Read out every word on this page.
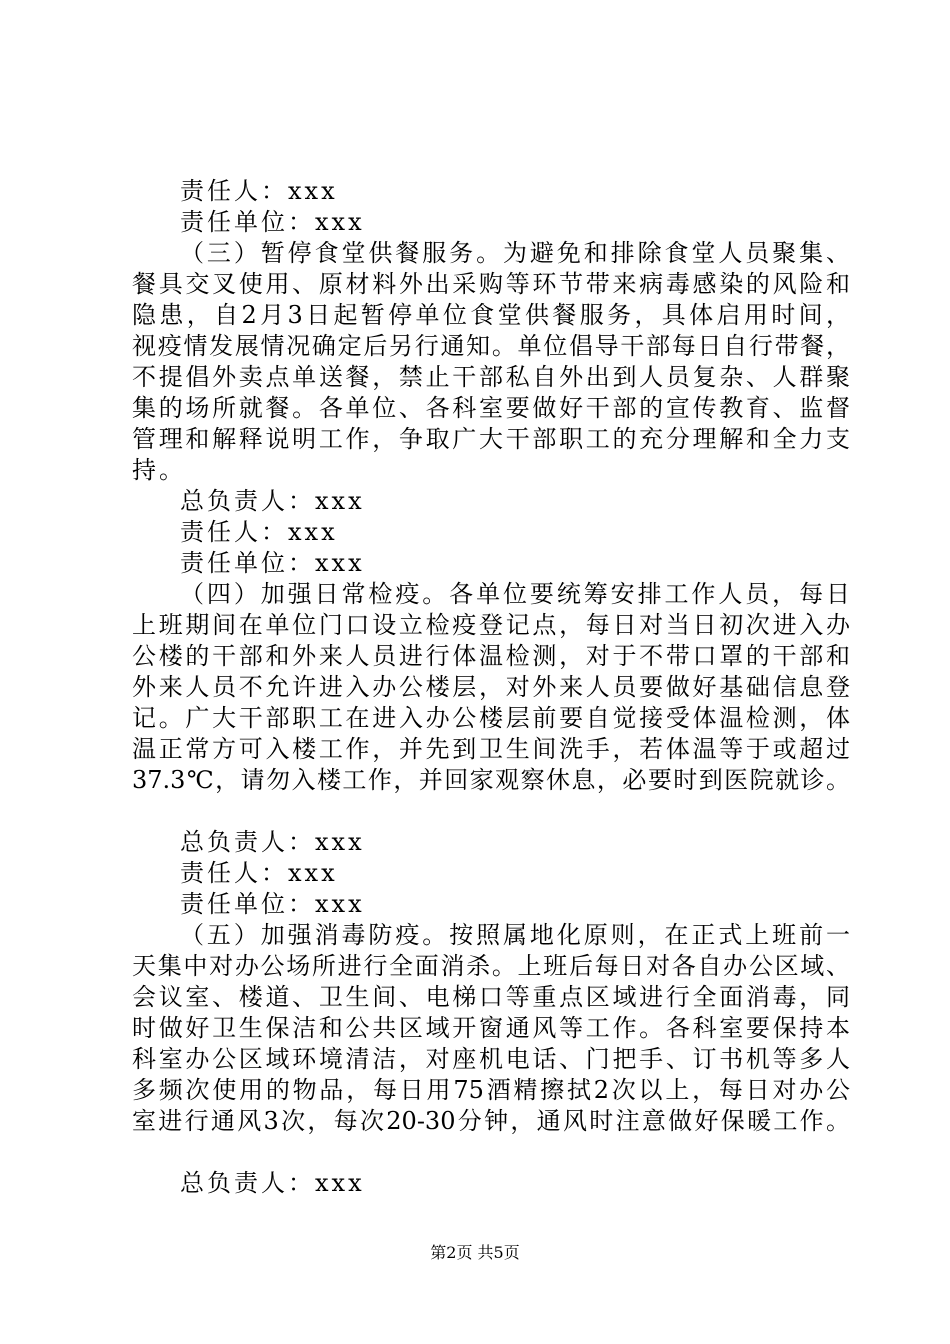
责任人：xxx
责任单位：xxx
（三）暂停食堂供餐服务。为避免和排除食堂人员聚集、
餐具交叉使用、原材料外出采购等环节带来病毒感染的风险和
隐患，自2月3日起暂停单位食堂供餐服务，具体启用时间，
视疫情发展情况确定后另行通知。单位倡导干部每日自行带餐，
不提倡外卖点单送餐，禁止干部私自外出到人员复杂、人群聚
集的场所就餐。各单位、各科室要做好干部的宣传教育、监督
管理和解释说明工作，争取广大干部职工的充分理解和全力支
持。
总负责人：xxx
责任人：xxx
责任单位：xxx
（四）加强日常检疫。各单位要统筹安排工作人员，每日
上班期间在单位门口设立检疫登记点，每日对当日初次进入办
公楼的干部和外来人员进行体温检测，对于不带口罩的干部和
外来人员不允许进入办公楼层，对外来人员要做好基础信息登
记。广大干部职工在进入办公楼层前要自觉接受体温检测，体
温正常方可入楼工作，并先到卫生间洗手，若体温等于或超过
37.3℃，请勿入楼工作，并回家观察休息，必要时到医院就诊。
总负责人：xxx
责任人：xxx
责任单位：xxx
（五）加强消毒防疫。按照属地化原则，在正式上班前一
天集中对办公场所进行全面消杀。上班后每日对各自办公区域、
会议室、楼道、卫生间、电梯口等重点区域进行全面消毒，同
时做好卫生保洁和公共区域开窗通风等工作。各科室要保持本
科室办公区域环境清洁，对座机电话、门把手、订书机等多人
多频次使用的物品，每日用75酒精擦拭2次以上，每日对办公
室进行通风3次，每次20-30分钟，通风时注意做好保暖工作。
总负责人：xxx
第2页 共5页
